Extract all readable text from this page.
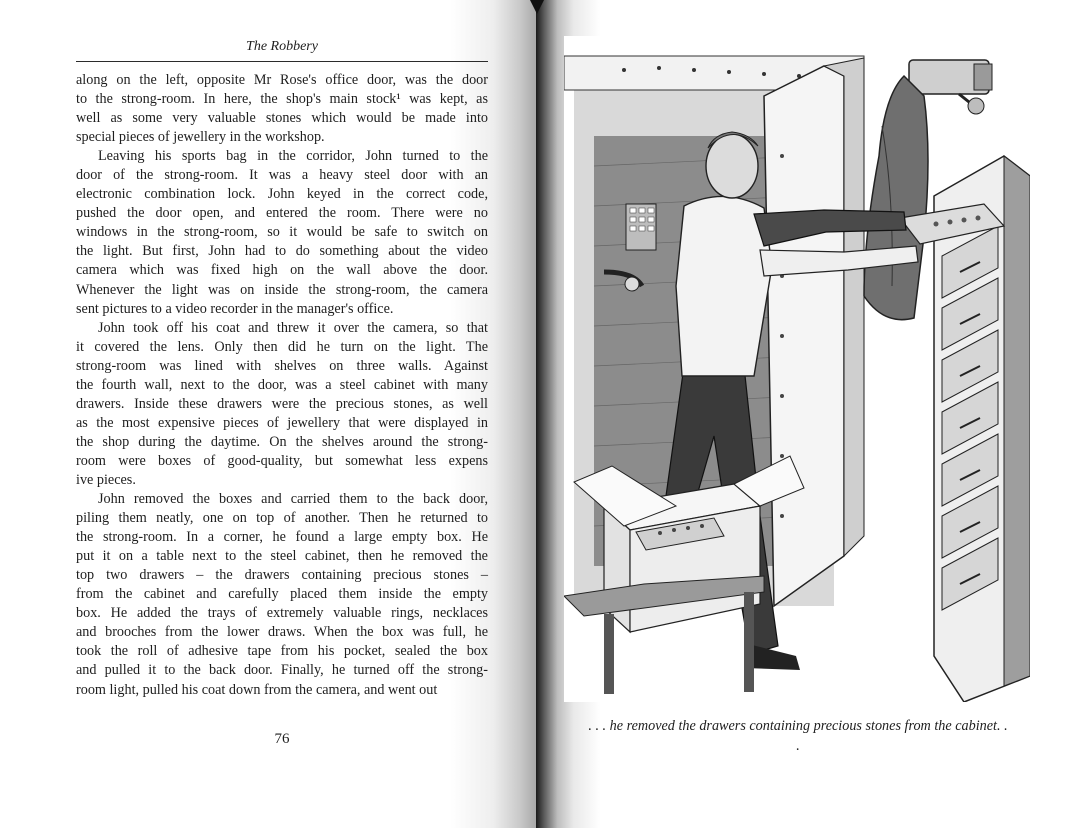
The Robbery
along on the left, opposite Mr Rose's office door, was the door
to the strong-room. In here, the shop's main stock¹ was kept, as
well as some very valuable stones which would be made into
special pieces of jewellery in the workshop.
Leaving his sports bag in the corridor, John turned to the
door of the strong-room. It was a heavy steel door with an
electronic combination lock. John keyed in the correct code,
pushed the door open, and entered the room. There were no
windows in the strong-room, so it would be safe to switch on
the light. But first, John had to do something about the video
camera which was fixed high on the wall above the door.
Whenever the light was on inside the strong-room, the camera
sent pictures to a video recorder in the manager's office.
John took off his coat and threw it over the camera, so that
it covered the lens. Only then did he turn on the light. The
strong-room was lined with shelves on three walls. Against
the fourth wall, next to the door, was a steel cabinet with many
drawers. Inside these drawers were the precious stones, as well
as the most expensive pieces of jewellery that were displayed in
the shop during the daytime. On the shelves around the strong-
room were boxes of good-quality, but somewhat less expens
ive pieces.
John removed the boxes and carried them to the back door,
piling them neatly, one on top of another. Then he returned to
the strong-room. In a corner, he found a large empty box. He
put it on a table next to the steel cabinet, then he removed the
top two drawers – the drawers containing precious stones –
from the cabinet and carefully placed them inside the empty
box. He added the trays of extremely valuable rings, necklaces
and brooches from the lower draws. When the box was full, he
took the roll of adhesive tape from his pocket, sealed the box
and pulled it to the back door. Finally, he turned off the strong-
room light, pulled his coat down from the camera, and went out
76
. . . he removed the drawers containing precious stones from the cabinet. . .
